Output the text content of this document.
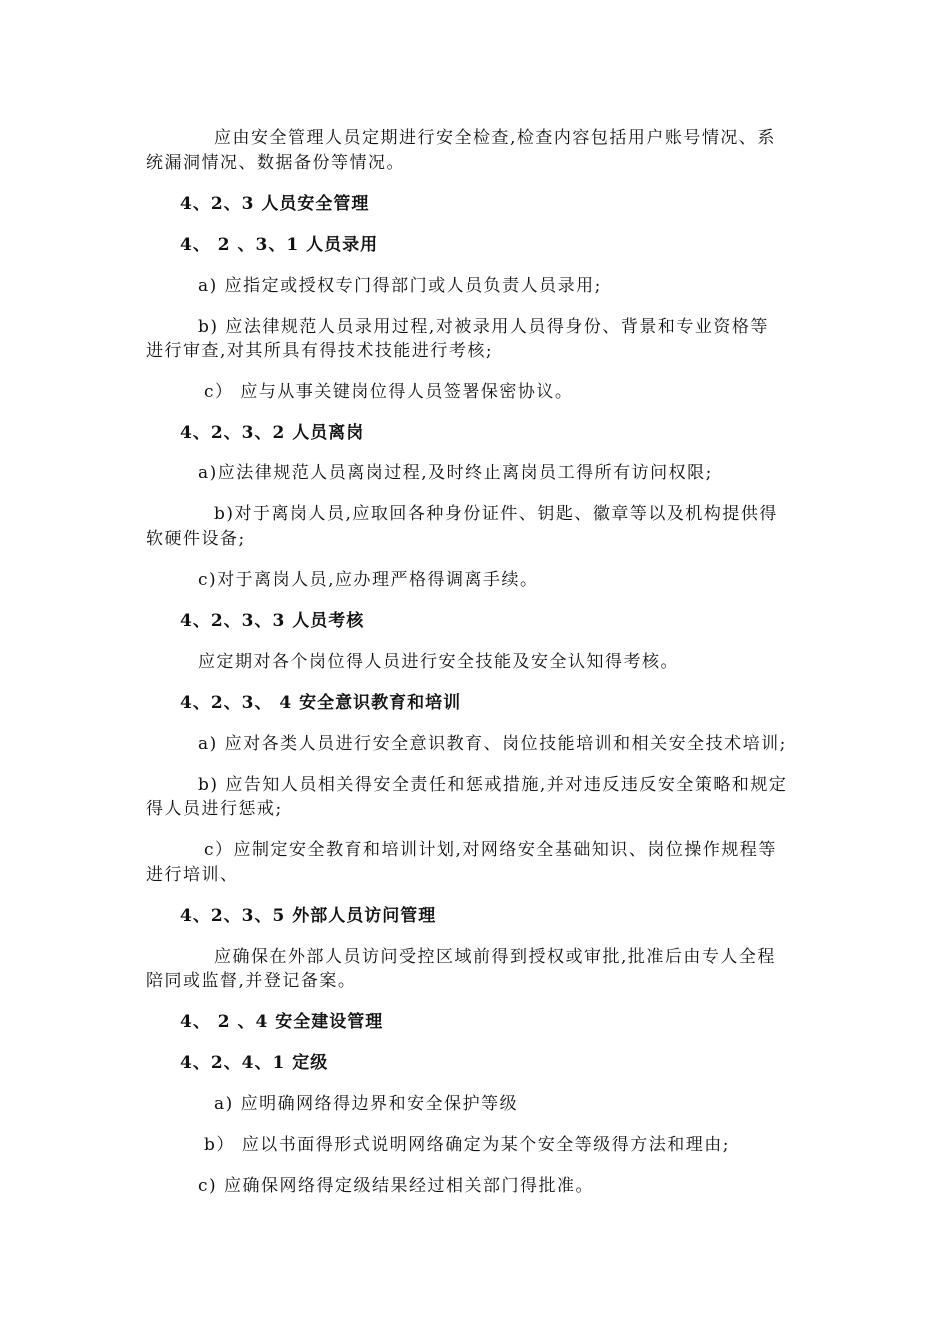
应由安全管理人员定期进行安全检查,检查内容包括用户账号情况、系
统漏洞情况、数据备份等情况。
4、2、3 人员安全管理
4、 2 、3、1 人员录用
a) 应指定或授权专门得部门或人员负责人员录用;
b) 应法律规范人员录用过程,对被录用人员得身份、背景和专业资格等
进行审查,对其所具有得技术技能进行考核;
c） 应与从事关键岗位得人员签署保密协议。
4、2、3、2 人员离岗
a)应法律规范人员离岗过程,及时终止离岗员工得所有访问权限;
b)对于离岗人员,应取回各种身份证件、钥匙、徽章等以及机构提供得
软硬件设备;
c)对于离岗人员,应办理严格得调离手续。
4、2、3、3 人员考核
应定期对各个岗位得人员进行安全技能及安全认知得考核。
4、2、3、 4 安全意识教育和培训
a) 应对各类人员进行安全意识教育、岗位技能培训和相关安全技术培训;
b) 应告知人员相关得安全责任和惩戒措施,并对违反违反安全策略和规定
得人员进行惩戒;
c）应制定安全教育和培训计划,对网络安全基础知识、岗位操作规程等
进行培训、
4、2、3、5 外部人员访问管理
应确保在外部人员访问受控区域前得到授权或审批,批准后由专人全程
陪同或监督,并登记备案。
4、 2 、4 安全建设管理
4、2、4、1 定级
a) 应明确网络得边界和安全保护等级
b） 应以书面得形式说明网络确定为某个安全等级得方法和理由;
c) 应确保网络得定级结果经过相关部门得批准。
